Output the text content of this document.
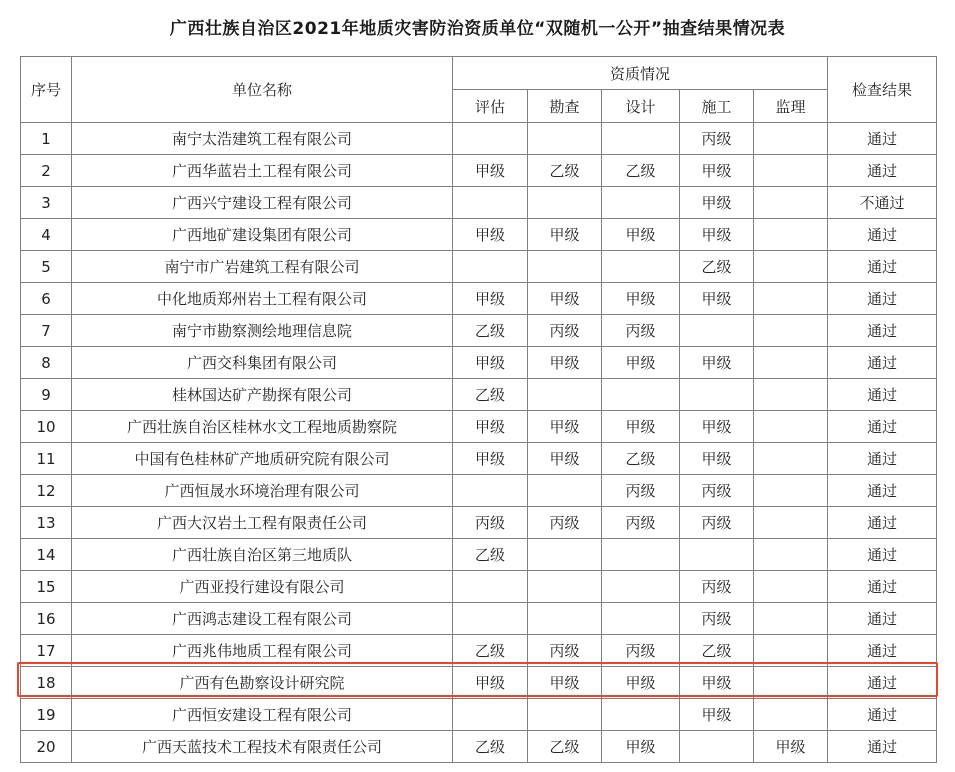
广西壮族自治区2021年地质灾害防治资质单位“双随机一公开”抽查结果情况表
序号	单位名称	资质情况					检查结果
		评估	勘查	设计	施工	监理	
1	南宁太浩建筑工程有限公司				丙级		通过
2	广西华蓝岩土工程有限公司	甲级	乙级	乙级	甲级		通过
3	广西兴宁建设工程有限公司				甲级		不通过
4	广西地矿建设集团有限公司	甲级	甲级	甲级	甲级		通过
5	南宁市广岩建筑工程有限公司				乙级		通过
6	中化地质郑州岩土工程有限公司	甲级	甲级	甲级	甲级		通过
7	南宁市勘察测绘地理信息院	乙级	丙级	丙级			通过
8	广西交科集团有限公司	甲级	甲级	甲级	甲级		通过
9	桂林国达矿产勘探有限公司	乙级					通过
10	广西壮族自治区桂林水文工程地质勘察院	甲级	甲级	甲级	甲级		通过
11	中国有色桂林矿产地质研究院有限公司	甲级	甲级	乙级	甲级		通过
12	广西恒晟水环境治理有限公司			丙级	丙级		通过
13	广西大汉岩土工程有限责任公司	丙级	丙级	丙级	丙级		通过
14	广西壮族自治区第三地质队	乙级					通过
15	广西亚投行建设有限公司				丙级		通过
16	广西鸿志建设工程有限公司				丙级		通过
17	广西兆伟地质工程有限公司	乙级	丙级	丙级	乙级		通过
18	广西有色勘察设计研究院	甲级	甲级	甲级	甲级		通过
19	广西恒安建设工程有限公司				甲级		通过
20	广西天蓝技术工程技术有限责任公司	乙级	乙级	甲级		甲级	通过
